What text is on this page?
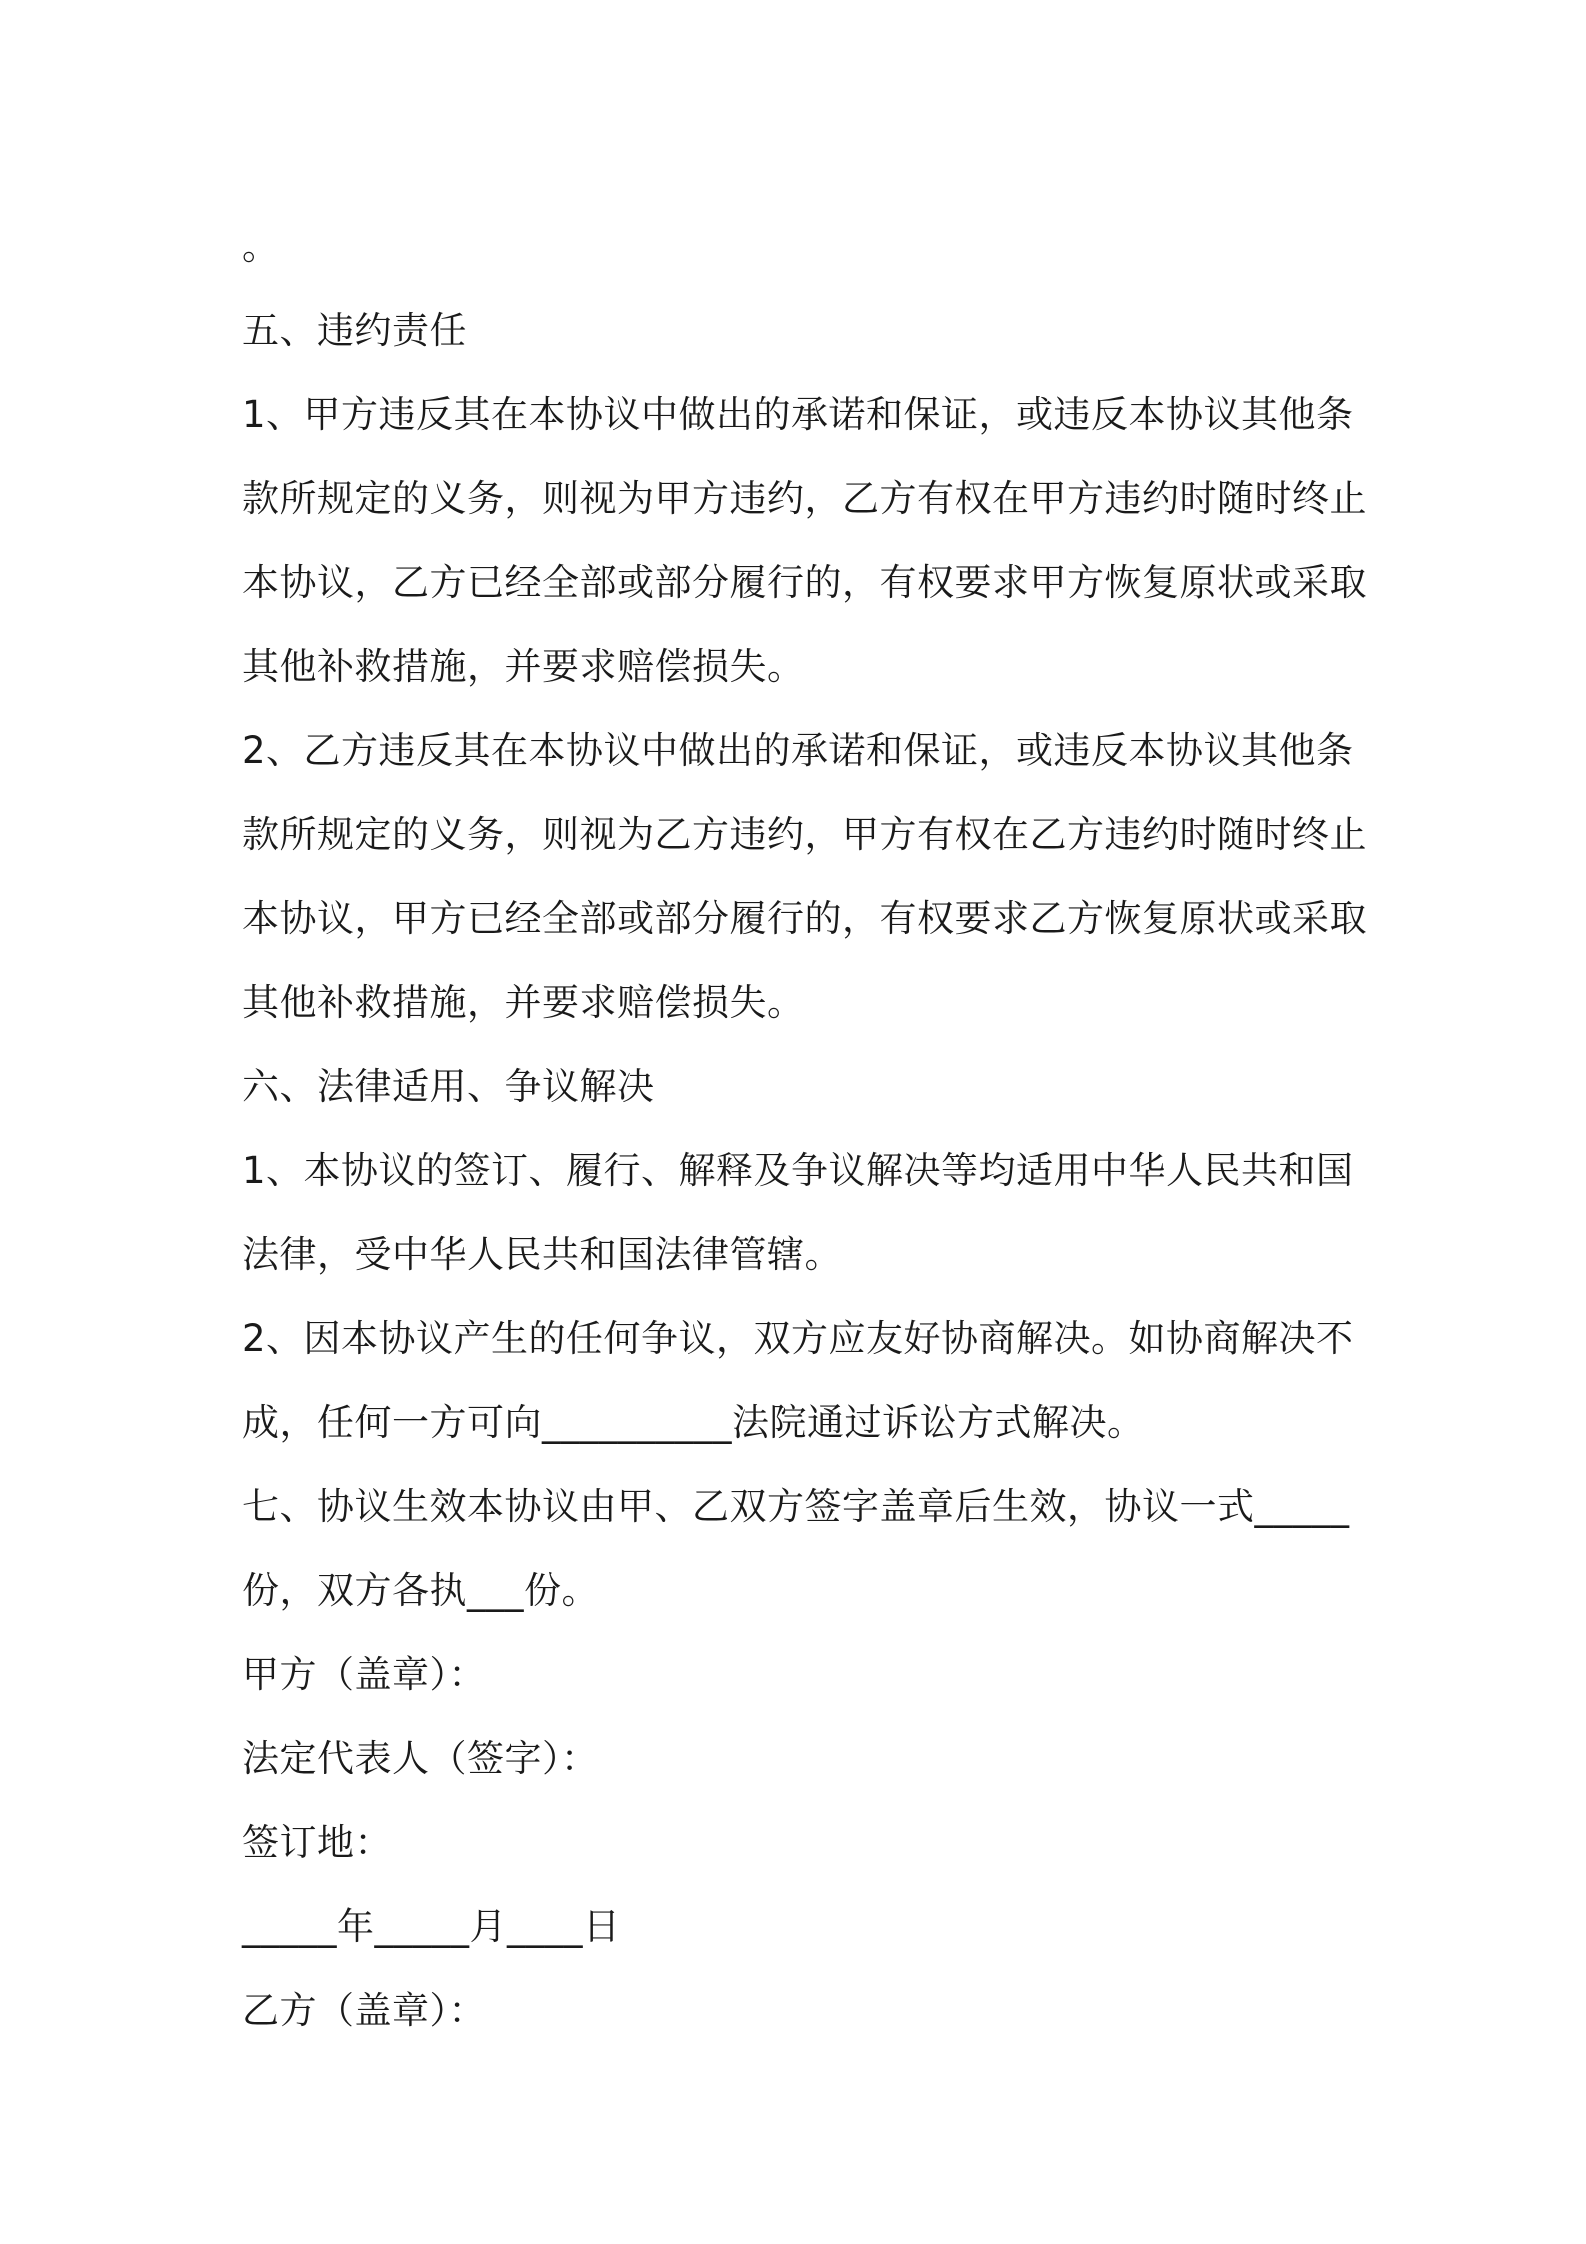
。
五、违约责任
1、甲方违反其在本协议中做出的承诺和保证，或违反本协议其他条
款所规定的义务，则视为甲方违约，乙方有权在甲方违约时随时终止
本协议，乙方已经全部或部分履行的，有权要求甲方恢复原状或采取
其他补救措施，并要求赔偿损失。
2、乙方违反其在本协议中做出的承诺和保证，或违反本协议其他条
款所规定的义务，则视为乙方违约，甲方有权在乙方违约时随时终止
本协议，甲方已经全部或部分履行的，有权要求乙方恢复原状或采取
其他补救措施，并要求赔偿损失。
六、法律适用、争议解决
1、本协议的签订、履行、解释及争议解决等均适用中华人民共和国
法律，受中华人民共和国法律管辖。
2、因本协议产生的任何争议，双方应友好协商解决。如协商解决不
成，任何一方可向__________法院通过诉讼方式解决。
七、协议生效本协议由甲、乙双方签字盖章后生效，协议一式_____
份，双方各执___份。
甲方（盖章）：
法定代表人（签字）：
签订地：
_____年_____月____日
乙方（盖章）：
